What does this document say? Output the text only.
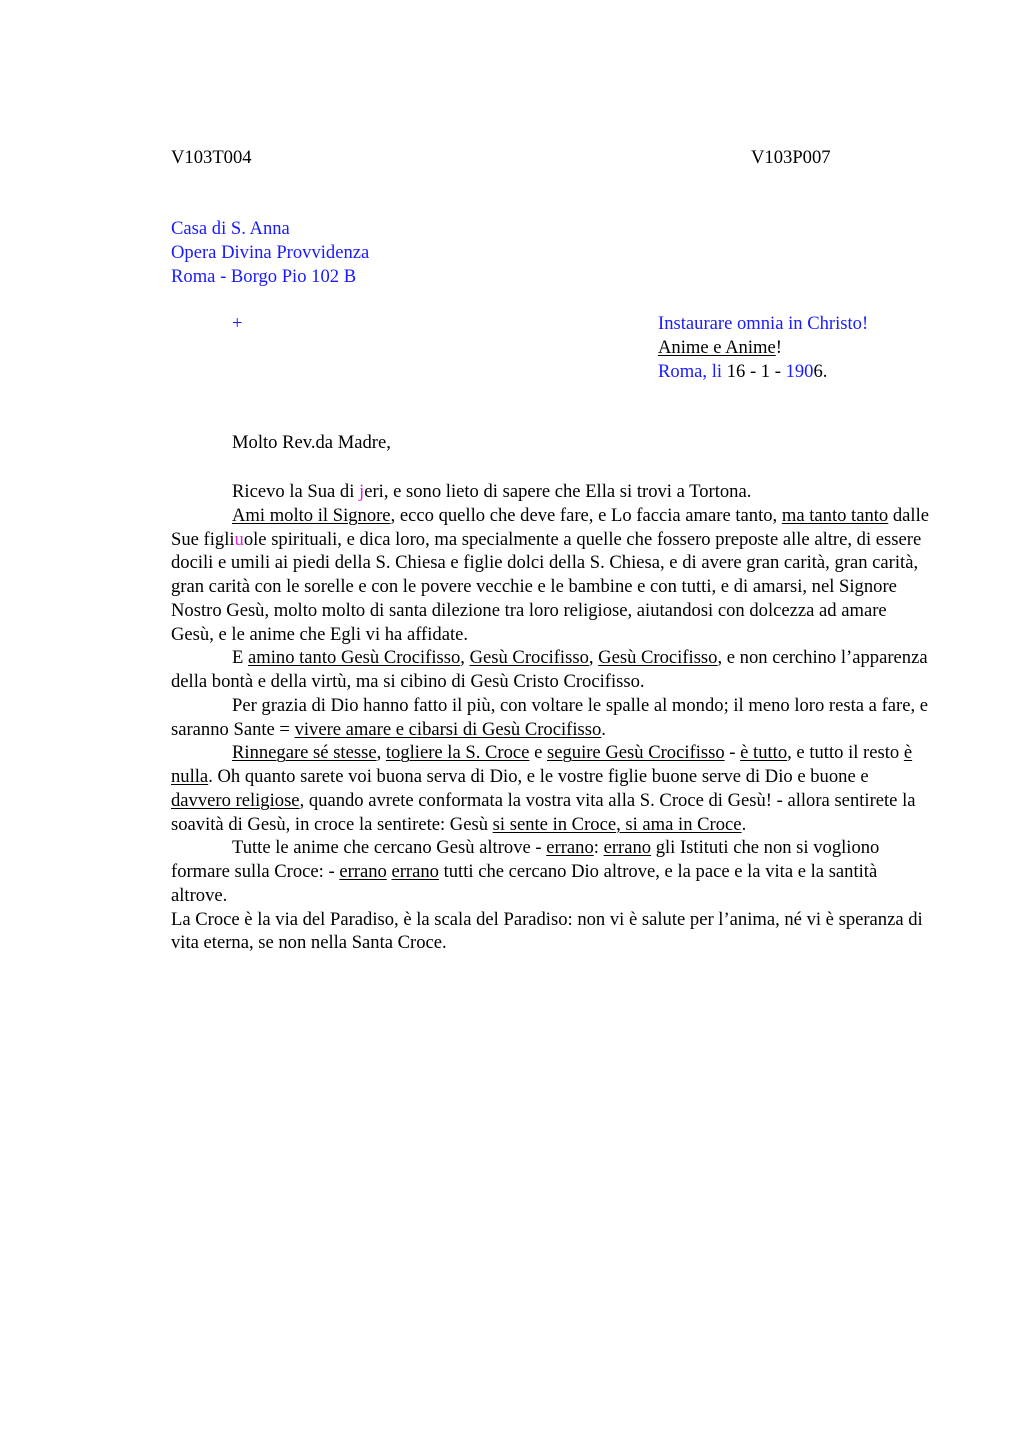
V103T004	V103P007
Casa di S. Anna
Opera Divina Provvidenza
Roma - Borgo Pio 102 B
+	Instaurare omnia in Christo!
Anime e Anime!
Roma, li 16 - 1 - 1906.
Molto Rev.da Madre,

Ricevo la Sua di jeri, e sono lieto di sapere che Ella si trovi a Tortona.

Ami molto il Signore, ecco quello che deve fare, e Lo faccia amare tanto, ma tanto tanto dalle Sue figliuole spirituali, e dica loro, ma specialmente a quelle che fossero preposte alle altre, di essere docili e umili ai piedi della S. Chiesa e figlie dolci della S. Chiesa, e di avere gran carità, gran carità, gran carità con le sorelle e con le povere vecchie e le bambine e con tutti, e di amarsi, nel Signore Nostro Gesù, molto molto di santa dilezione tra loro religiose, aiutandosi con dolcezza ad amare Gesù, e le anime che Egli vi ha affidate.

E amino tanto Gesù Crocifisso, Gesù Crocifisso, Gesù Crocifisso, e non cerchino l’apparenza della bontà e della virtù, ma si cibino di Gesù Cristo Crocifisso.

Per grazia di Dio hanno fatto il più, con voltare le spalle al mondo; il meno loro resta a fare, e saranno Sante = vivere amare e cibarsi di Gesù Crocifisso.

Rinnegare sé stesse, togliere la S. Croce e seguire Gesù Crocifisso - è tutto, e tutto il resto è nulla. Oh quanto sarete voi buona serva di Dio, e le vostre figlie buone serve di Dio e buone e davvero religiose, quando avrete conformata la vostra vita alla S. Croce di Gesù! - allora sentirete la soavità di Gesù, in croce la sentirete: Gesù si sente in Croce, si ama in Croce.

Tutte le anime che cercano Gesù altrove - errano: errano gli Istituti che non si vogliono formare sulla Croce: - errano errano tutti che cercano Dio altrove, e la pace e la vita e la santità altrove.

La Croce è la via del Paradiso, è la scala del Paradiso: non vi è salute per l’anima, né vi è speranza di vita eterna, se non nella Santa Croce.
